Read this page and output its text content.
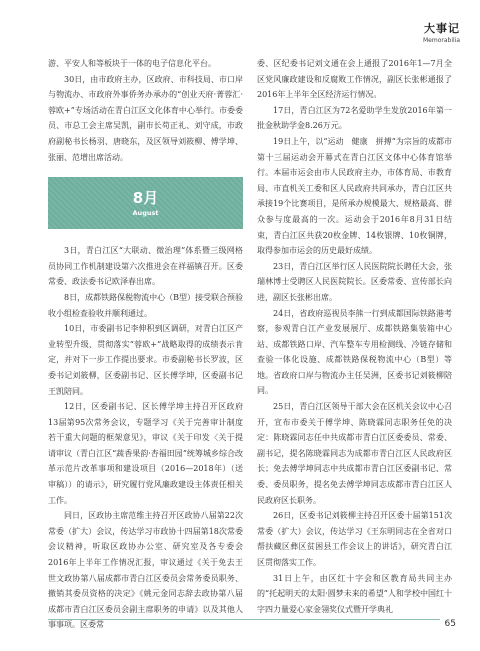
大事记
Memorabilia

游、平安人和等板块于一体的电子信息化平台。

30日，由市政府主办，区政府、市科技局、市口岸与物流办、市政府外事侨务办承办的“创业天府·菁蓉汇·蓉欧+”专场活动在青白江区文化体育中心举行。市委委员、市总工会主席吴凯，副市长苟正礼、刘守成，市政府副秘书长杨羽、唐晓东，及区领导刘筱柳、傅学坤、张丽、范增出席活动。

8月
August

3日，青白江区“大联动、微治理”体系暨三级网格员协同工作机制建设第六次推进会在祥福镇召开。区委常委、政法委书记欧泽春出席。

8日，成都铁路保税物流中心（B型）接受联合预验收小组检查验收并顺利通过。

10日，市委副书记李伸积到区调研，对青白江区产业转型升级、贯彻落实“蓉欧+”战略取得的成绩表示肯定，并对下一步工作提出要求。市委副秘书长罗波，区委书记刘筱柳，区委副书记、区长傅学坤，区委副书记王凯陪同。

12日，区委副书记、区长傅学坤主持召开区政府13届第95次常务会议，专题学习《关于完善审计制度若干重大问题的框架意见》，审议《关于印发〈关于提请审议（青白江区“蔬香果韵·杏福田园”统筹城乡综合改革示范片改革事项和建设项目（2016—2018年）（送审稿））的请示》，研究履行党风廉政建设主体责任相关工作。

同日，区政协主席范维主持召开区政协八届第22次常委（扩大）会议，传达学习市政协十四届第18次常委会议精神，听取区政协办公室、研究室及各专委会2016年上半年工作情况汇报，审议通过《关于免去王世文政协第八届成都市青白江区委员会常务委员职务、撤销其委员资格的决定》《姚元金同志辞去政协第八届成都市青白江区委员会副主席职务的申请》以及其他人事事项。区委常

委、区纪委书记刘文通在会上通报了2016年1—7月全区党风廉政建设和反腐败工作情况，副区长张彬通报了2016年上半年全区经济运行情况。

17日，青白江区为72名爱助学生发放2016年第一批金秋助学金8.26万元。

19日上午，以“运动　健康　拼搏”为宗旨的成都市第十三届运动会开幕式在青白江区文体中心体育馆举行。本届市运会由市人民政府主办，市体育局、市教育局、市直机关工委和区人民政府共同承办，青白江区共承接19个比赛项目，是所承办规模最大、规格最高、群众参与度最高的一次。运动会于2016年8月31日结束，青白江区共获20枚金牌、14枚银牌、10枚铜牌，取得参加市运会的历史最好成绩。

23日，青白江区举行区人民医院院长聘任大会，张瑞林博士受聘区人民医院院长。区委常委、宣传部长向进，副区长张彬出席。

24日，省政府巡视员李熊一行到成都国际铁路港考察，参观青白江产业发展展厅、成都铁路集装箱中心站、成都铁路口岸、汽车整车专用检测线、冷链存储和查验一体化设施、成都铁路保税物流中心（B型）等地。省政府口岸与物流办主任吴洲，区委书记刘筱柳陪同。

25日，青白江区领导干部大会在区机关会议中心召开，宣布市委关于傅学坤、陈晓霖同志职务任免的决定：陈晓霖同志任中共成都市青白江区委委员、常委、副书记，提名陈晓霖同志为成都市青白江区人民政府区长；免去傅学坤同志中共成都市青白江区委副书记、常委、委员职务，提名免去傅学坤同志成都市青白江区人民政府区长职务。

26日，区委书记刘筱柳主持召开区委十届第151次常委（扩大）会议，传达学习《王东明同志在全省对口帮扶藏区彝区贫困县工作会议上的讲话》，研究青白江区贯彻落实工作。

31日上午，由区红十字会和区教育局共同主办的“托起明天的太阳·圆梦未来的希望”人和学校中国红十字四力量爱心家金翎奖仪式暨开学典礼

65
